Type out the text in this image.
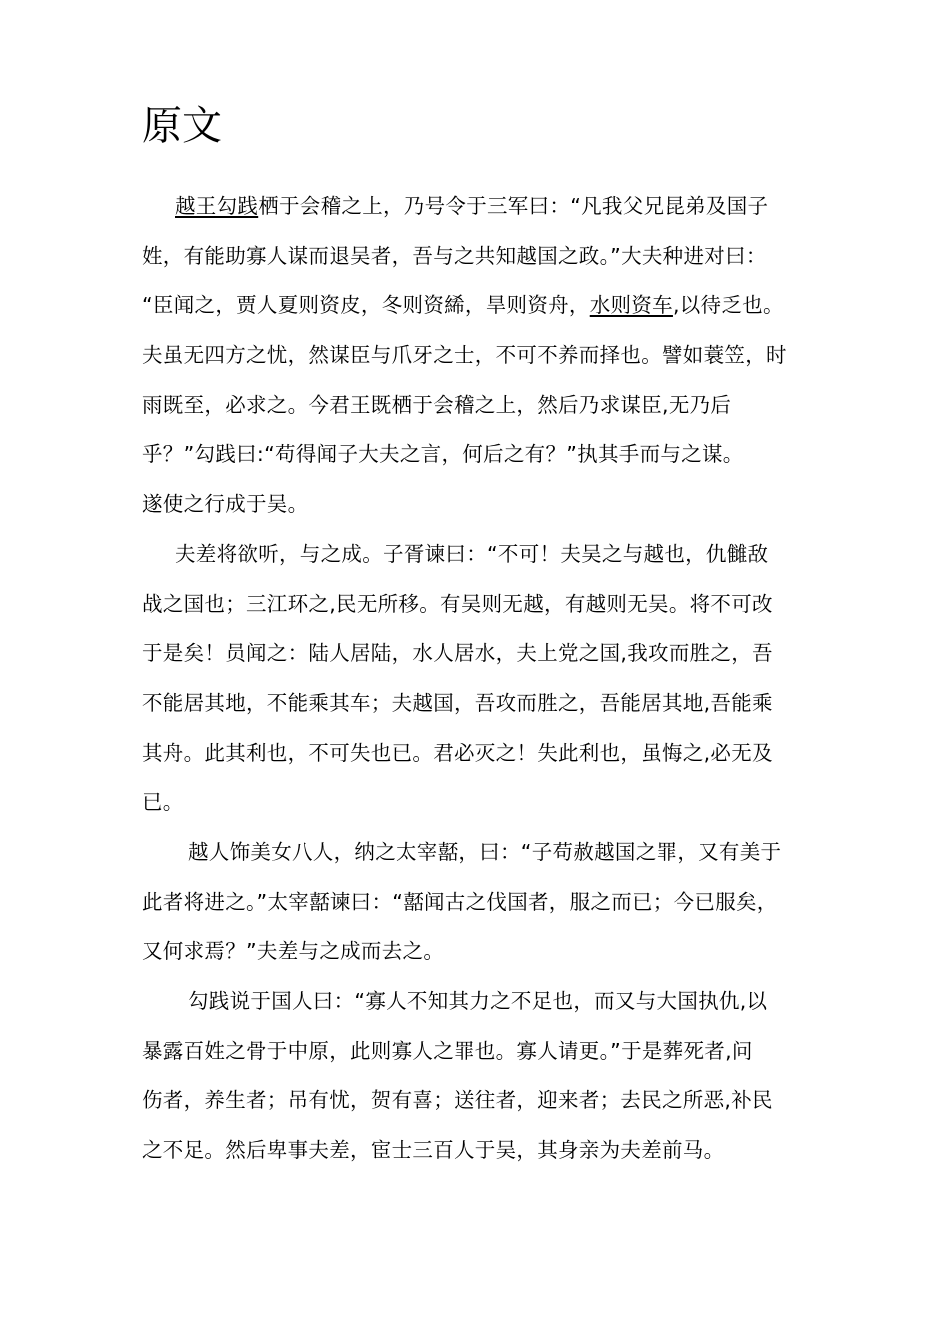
原文
越王勾践栖于会稽之上，乃号令于三军曰：“凡我父兄昆弟及国子
姓，有能助寡人谋而退吴者，吾与之共知越国之政。”大夫种进对曰：
“臣闻之，贾人夏则资皮，冬则资絺，旱则资舟，水则资车,以待乏也。
夫虽无四方之忧，然谋臣与爪牙之士，不可不养而择也。譬如蓑笠，时
雨既至，必求之。今君王既栖于会稽之上，然后乃求谋臣,无乃后
乎？”勾践曰:“苟得闻子大夫之言，何后之有？”执其手而与之谋。
遂使之行成于吴。
夫差将欲听，与之成。子胥谏曰：“不可！夫吴之与越也，仇雠敌
战之国也；三江环之,民无所移。有吴则无越，有越则无吴。将不可改
于是矣！员闻之：陆人居陆，水人居水，夫上党之国,我攻而胜之，吾
不能居其地，不能乘其车；夫越国，吾攻而胜之，吾能居其地,吾能乘
其舟。此其利也，不可失也已。君必灭之！失此利也，虽悔之,必无及
已。
越人饰美女八人，纳之太宰嚭，曰：“子苟赦越国之罪，又有美于
此者将进之。”太宰嚭谏曰：“嚭闻古之伐国者，服之而已；今已服矣，
又何求焉？”夫差与之成而去之。
勾践说于国人曰：“寡人不知其力之不足也，而又与大国执仇,以
暴露百姓之骨于中原，此则寡人之罪也。寡人请更。”于是葬死者,问
伤者，养生者；吊有忧，贺有喜；送往者，迎来者；去民之所恶,补民
之不足。然后卑事夫差，宦士三百人于吴，其身亲为夫差前马。
